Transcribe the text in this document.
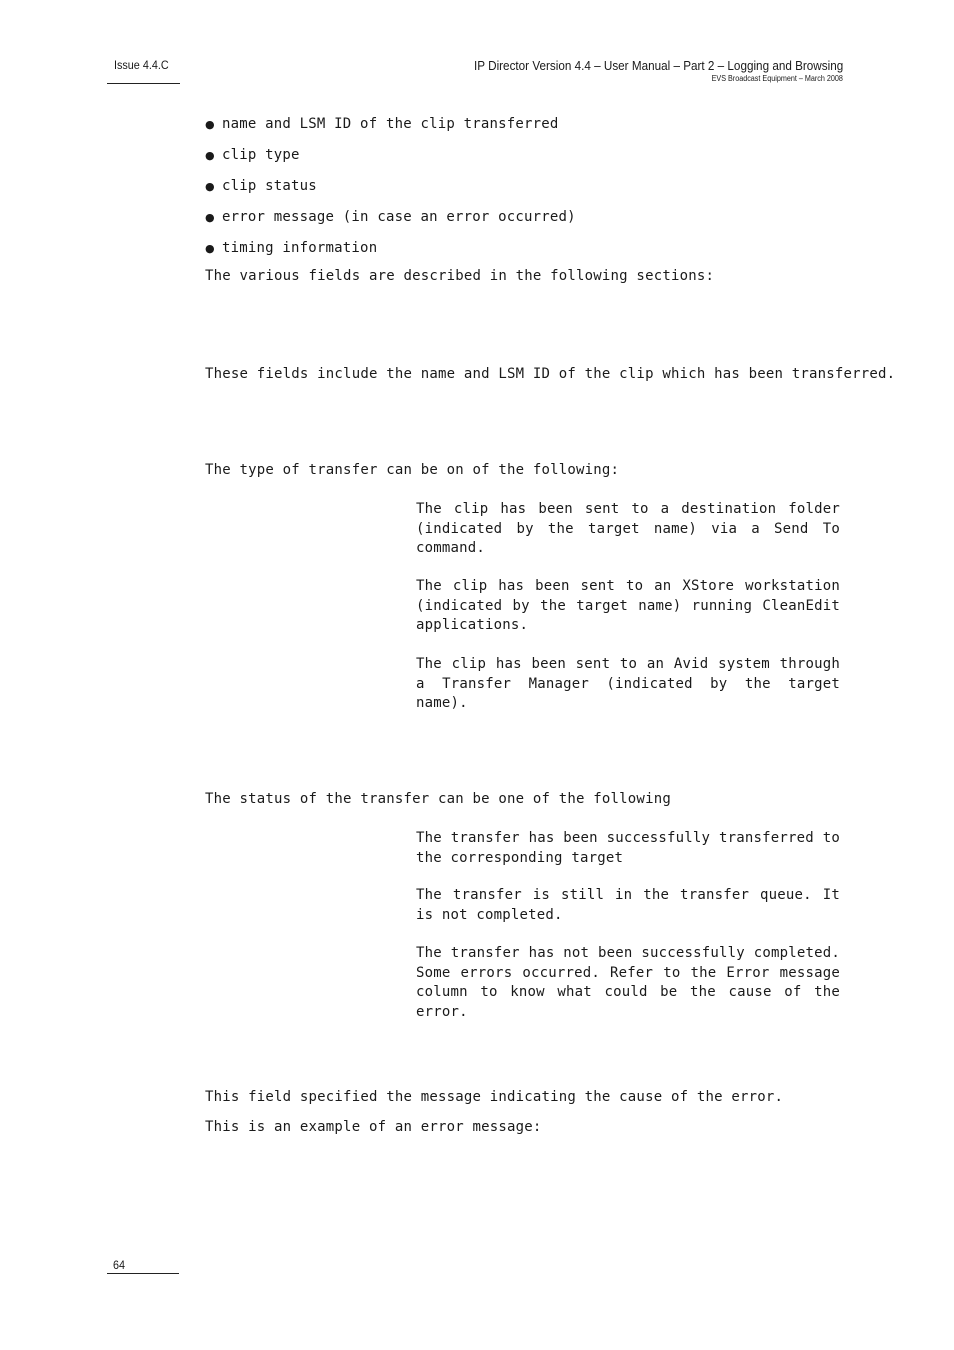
Issue 4.4.C	IP Director Version 4.4 – User Manual – Part 2 – Logging and Browsing
EVS Broadcast Equipment – March 2008
● name and LSM ID of the clip transferred
● clip type
● clip status
● error message (in case an error occurred)
● timing information
The various fields are described in the following sections:
These fields include the name and LSM ID of the clip which has been transferred.
The type of transfer can be on of the following:

The clip has been sent to a destination folder (indicated by the target name) via a Send To command.

The clip has been sent to an XStore workstation (indicated by the target name) running CleanEdit applications.

The clip has been sent to an Avid system through a Transfer Manager (indicated by the target name).

The status of the transfer can be one of the following

The transfer has been successfully transferred to the corresponding target

The transfer is still in the transfer queue. It is not completed.

The transfer has not been successfully completed. Some errors occurred. Refer to the Error message column to know what could be the cause of the error.

This field specified the message indicating the cause of the error.
This is an example of an error message:
64
